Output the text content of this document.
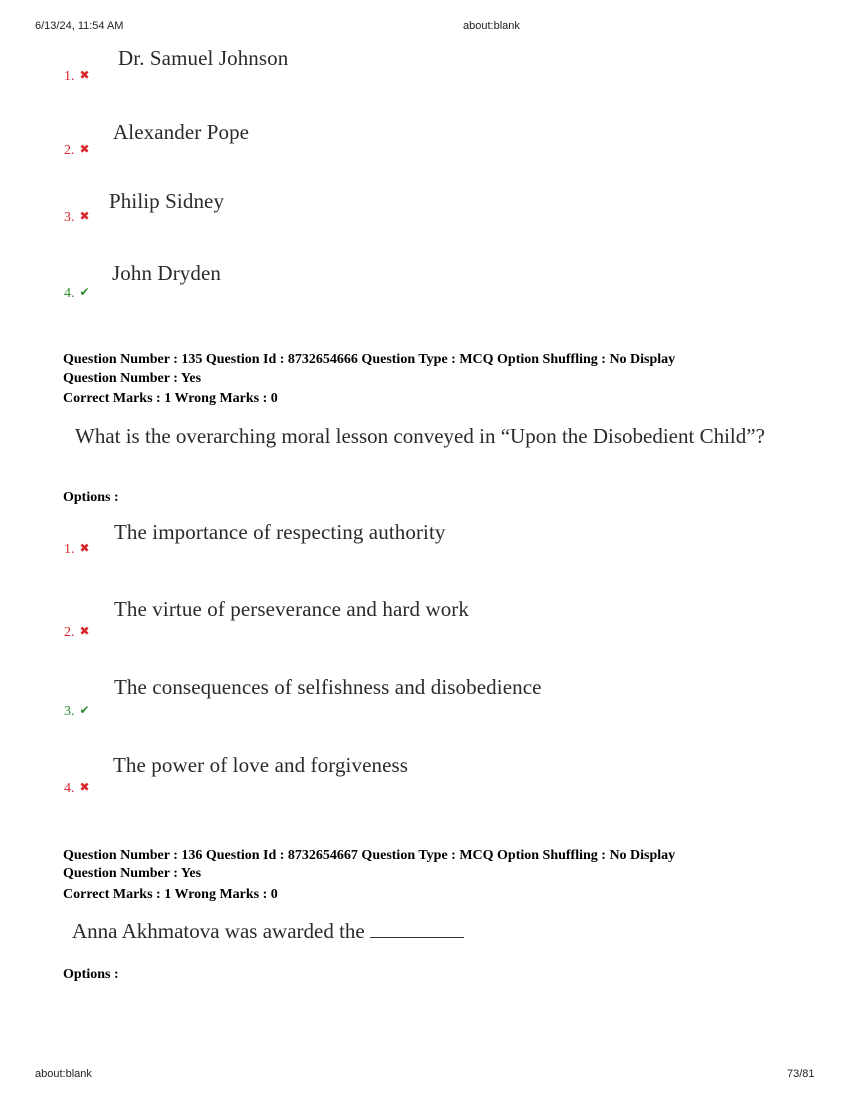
6/13/24, 11:54 AM	about:blank
1. ✖
Dr. Samuel Johnson
2. ✖
Alexander Pope
3. ✖
Philip Sidney
4. ✔
John Dryden
Question Number : 135 Question Id : 8732654666 Question Type : MCQ Option Shuffling : No Display
Question Number : Yes
Correct Marks : 1 Wrong Marks : 0
What is the overarching moral lesson conveyed in “Upon the Disobedient Child”?
Options :
1. ✖
The importance of respecting authority
2. ✖
The virtue of perseverance and hard work
3. ✔
The consequences of selfishness and disobedience
4. ✖
The power of love and forgiveness
Question Number : 136 Question Id : 8732654667 Question Type : MCQ Option Shuffling : No Display
Question Number : Yes
Correct Marks : 1 Wrong Marks : 0
Anna Akhmatova was awarded the
Options :
about:blank	73/81
